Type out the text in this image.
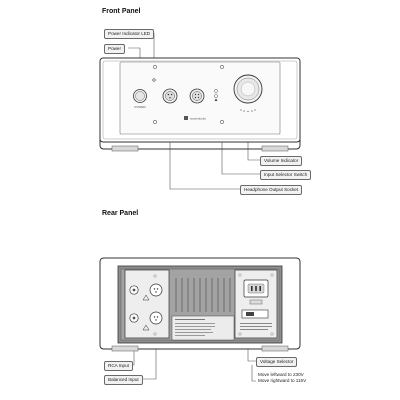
Front Panel
Rear Panel
POWER
xiaomiaudio
Power Indicator LED
Power
Volume Indicator
Input Selector Switch
Headphone Output Socket
RCA Input
Balanced Input
Voltage Selector
Move leftward to 230V
Move rightward to 115V
